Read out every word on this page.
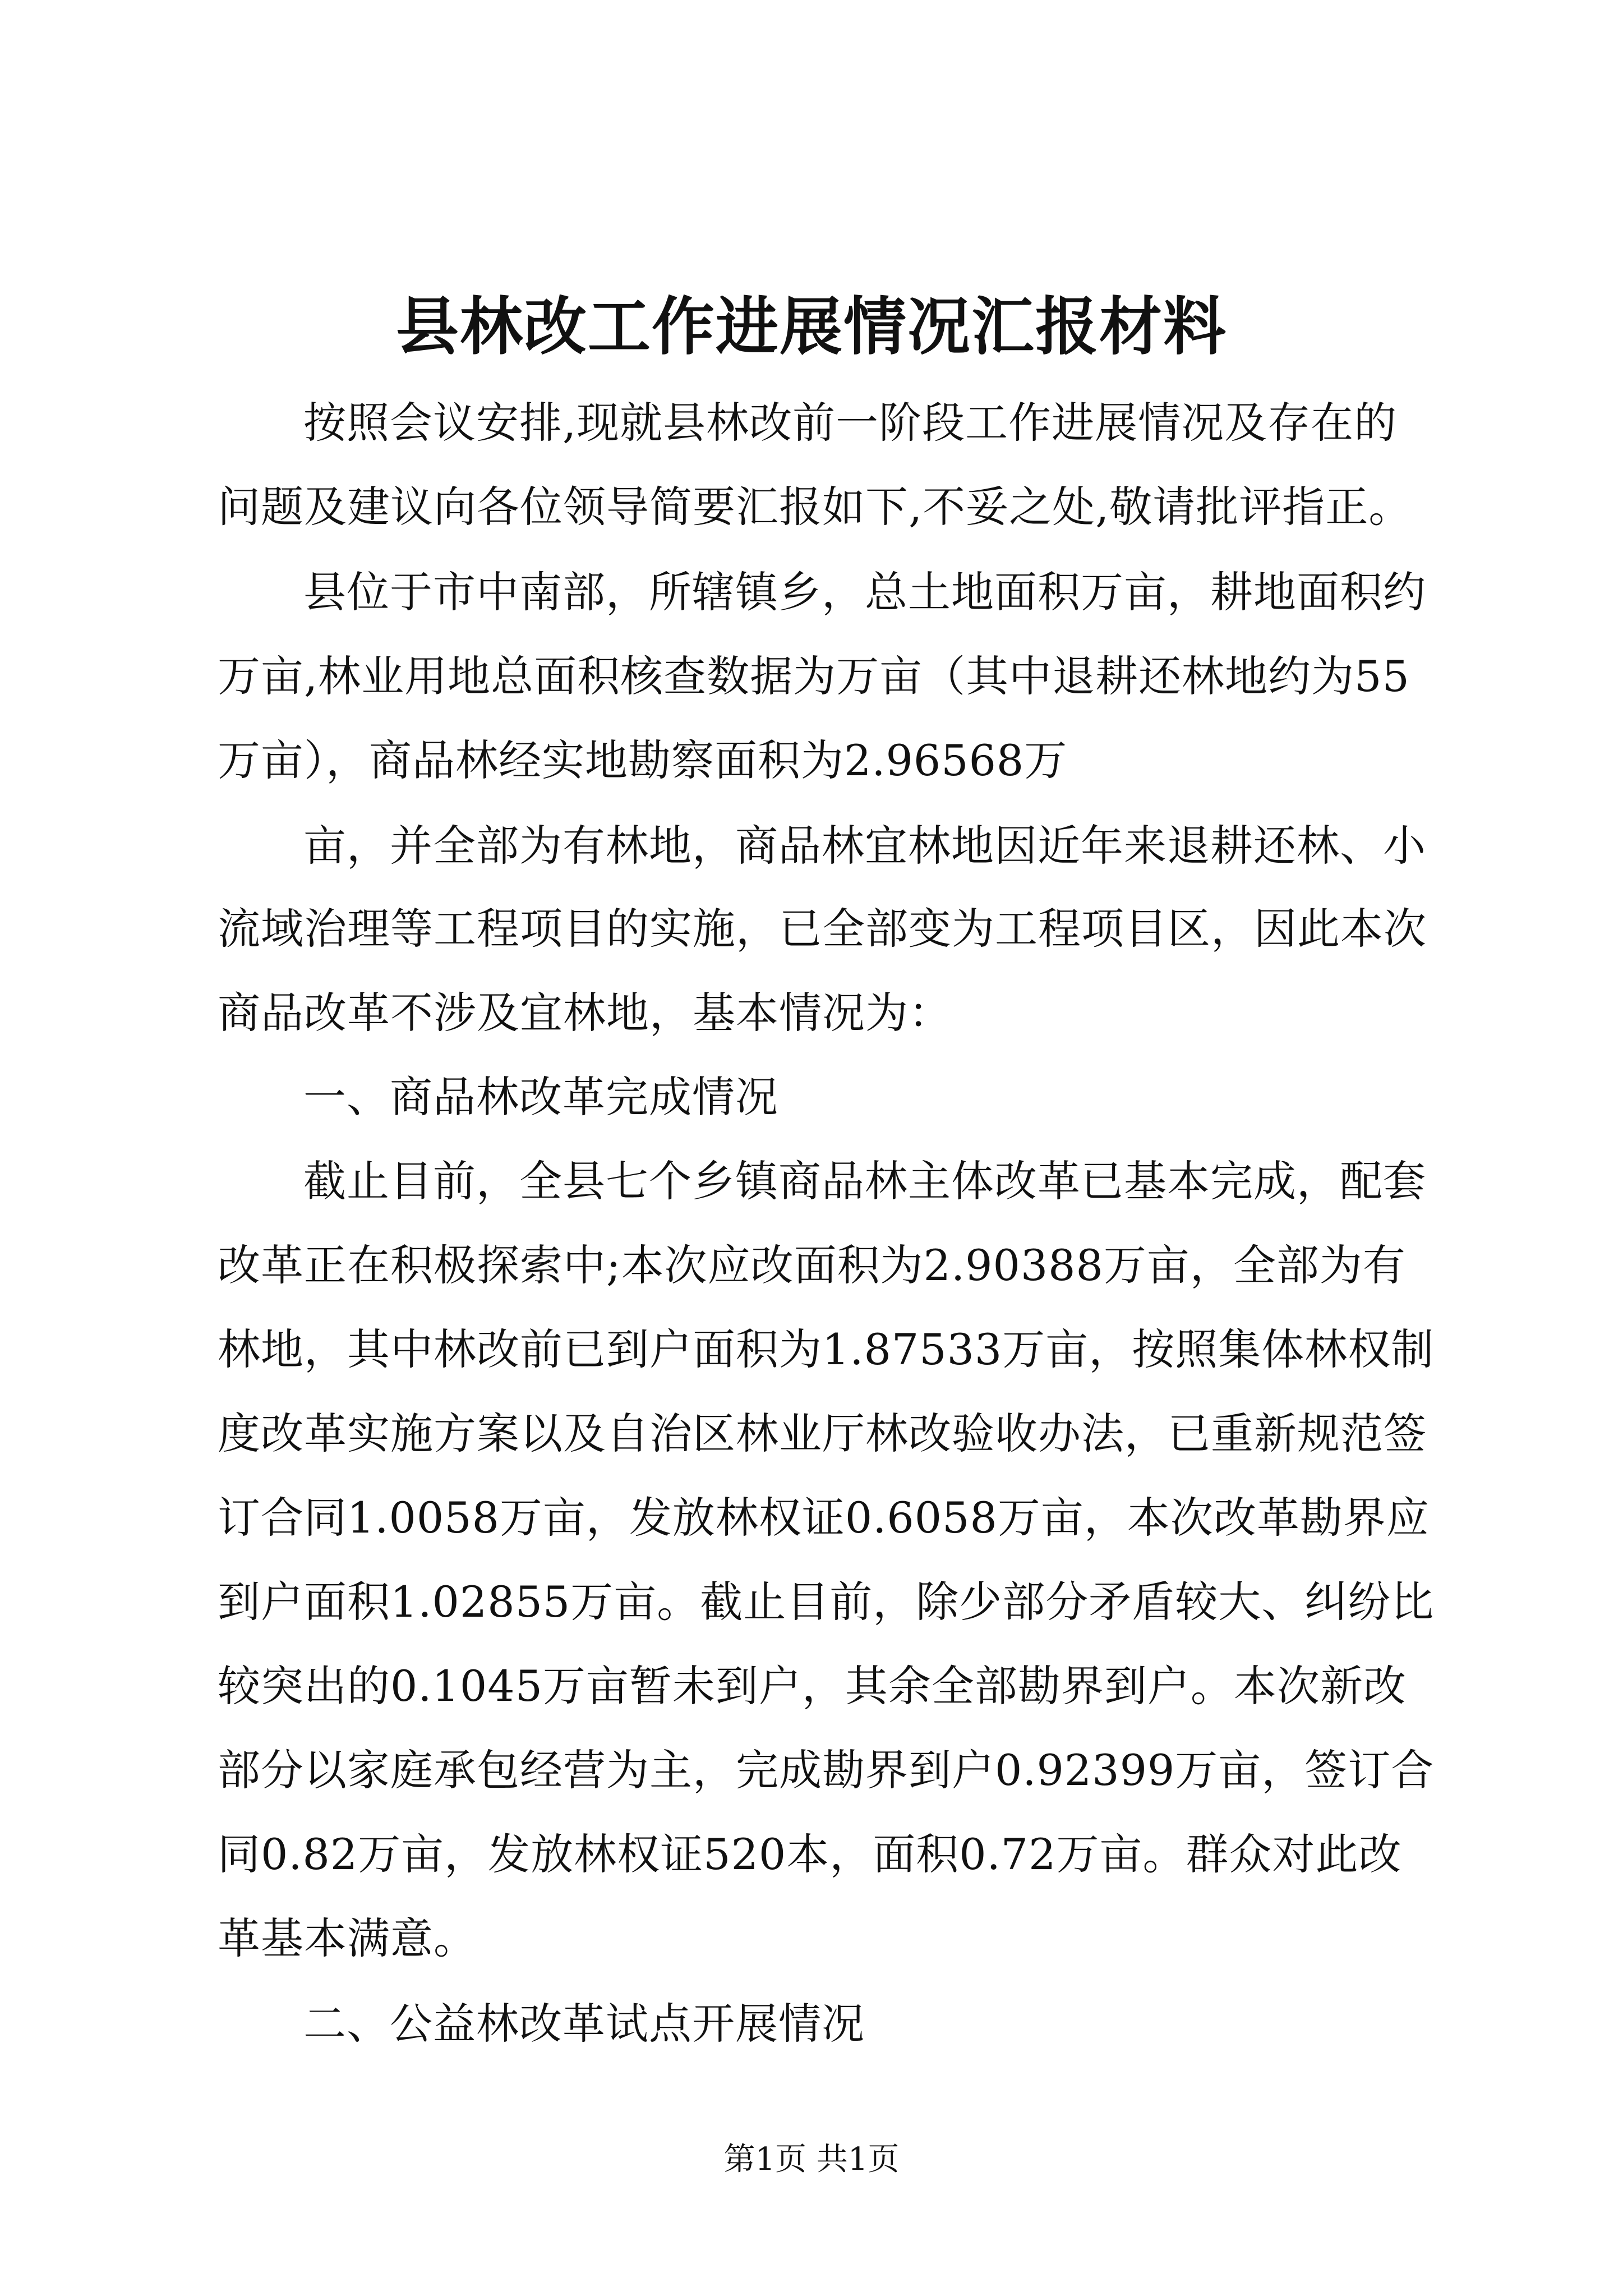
县林改工作进展情况汇报材料
按照会议安排,现就县林改前一阶段工作进展情况及存在的
问题及建议向各位领导简要汇报如下,不妥之处,敬请批评指正。
县位于市中南部，所辖镇乡，总土地面积万亩，耕地面积约
万亩,林业用地总面积核查数据为万亩（其中退耕还林地约为55
万亩），商品林经实地勘察面积为2.96568万
亩，并全部为有林地，商品林宜林地因近年来退耕还林、小
流域治理等工程项目的实施，已全部变为工程项目区，因此本次
商品改革不涉及宜林地，基本情况为：
一、商品林改革完成情况
截止目前，全县七个乡镇商品林主体改革已基本完成，配套
改革正在积极探索中;本次应改面积为2.90388万亩，全部为有
林地，其中林改前已到户面积为1.87533万亩，按照集体林权制
度改革实施方案以及自治区林业厅林改验收办法，已重新规范签
订合同1.0058万亩，发放林权证0.6058万亩，本次改革勘界应
到户面积1.02855万亩。截止目前，除少部分矛盾较大、纠纷比
较突出的0.1045万亩暂未到户，其余全部勘界到户。本次新改
部分以家庭承包经营为主，完成勘界到户0.92399万亩，签订合
同0.82万亩，发放林权证520本，面积0.72万亩。群众对此改
革基本满意。
二、公益林改革试点开展情况
第1页 共1页
